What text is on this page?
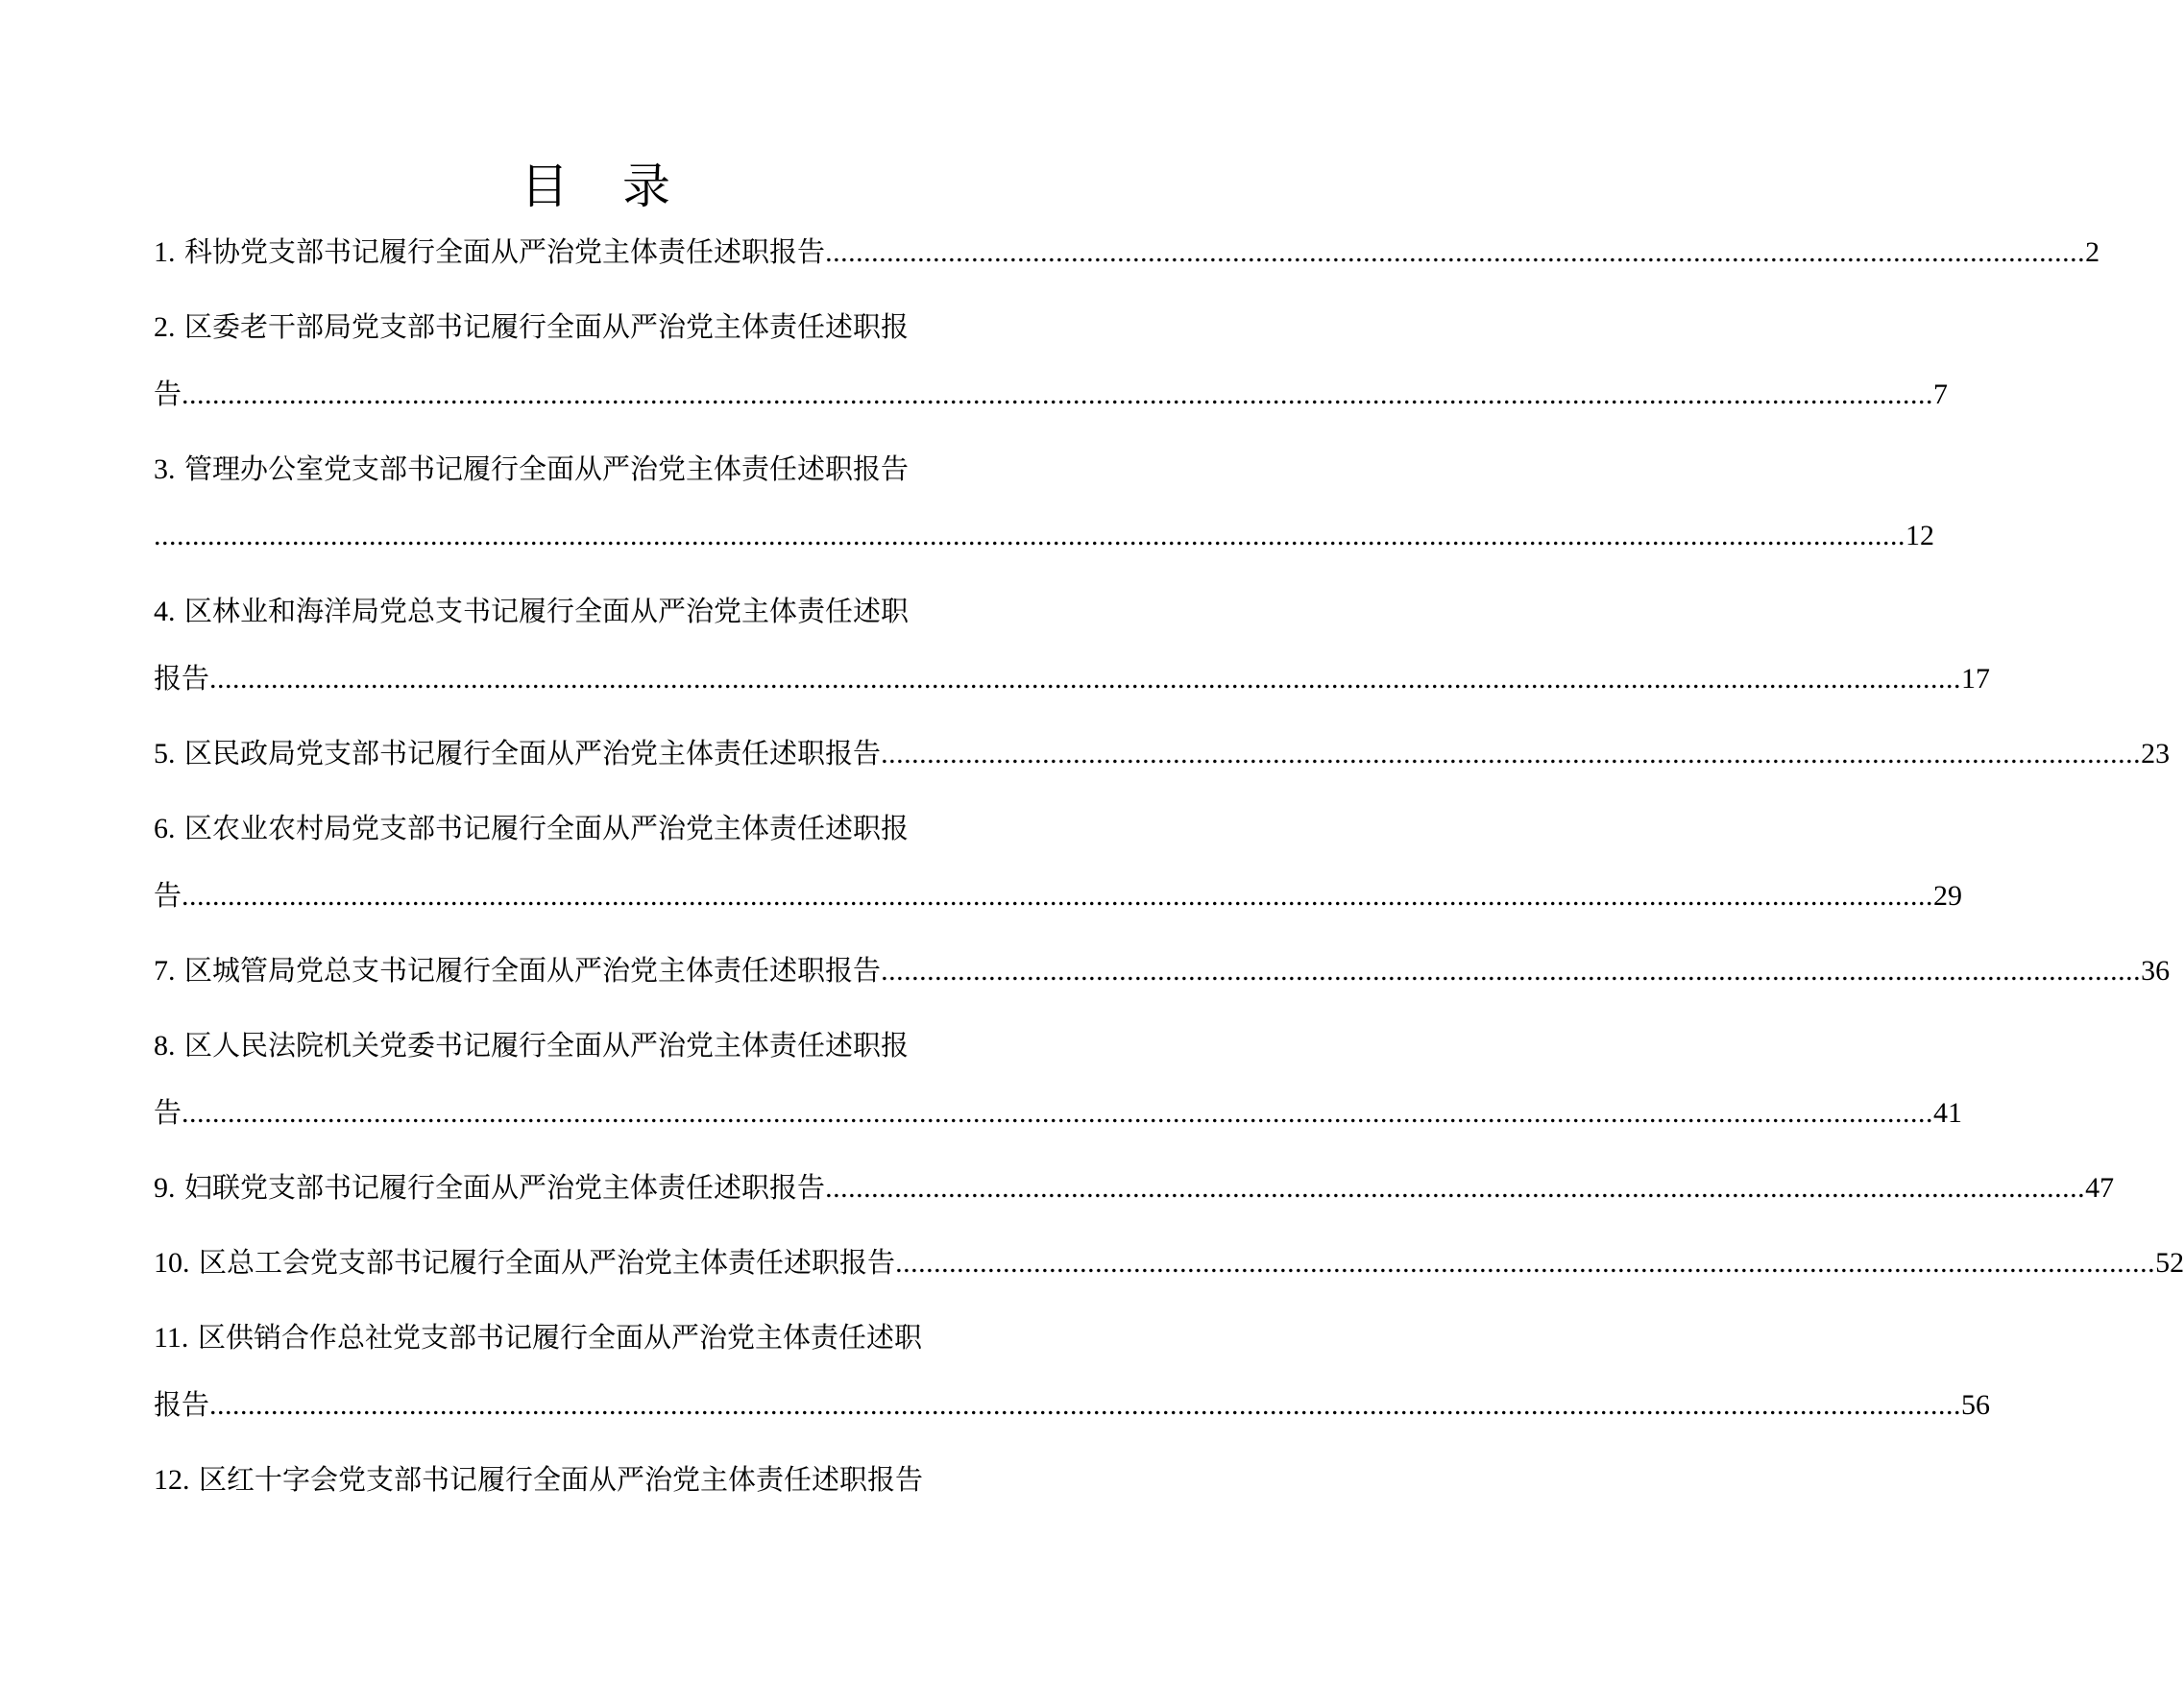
目 录
1. 科协党支部书记履行全面从严治党主体责任述职报告 .................................................................................................................................................................... 2
2. 区委老干部局党支部书记履行全面从严治党主体责任述职报
告 .................................................................................................................................................................................................................................... 7
3. 管理办公室党支部书记履行全面从严治党主体责任述职报告
.................................................................................................................................................................................................................................... 12
4. 区林业和海洋局党总支书记履行全面从严治党主体责任述职
报告 .................................................................................................................................................................................................................................... 17
5. 区民政局党支部书记履行全面从严治党主体责任述职报告 .................................................................................................................................................................... 23
6. 区农业农村局党支部书记履行全面从严治党主体责任述职报
告 .................................................................................................................................................................................................................................... 29
7. 区城管局党总支书记履行全面从严治党主体责任述职报告 .................................................................................................................................................................... 36
8. 区人民法院机关党委书记履行全面从严治党主体责任述职报
告 .................................................................................................................................................................................................................................... 41
9. 妇联党支部书记履行全面从严治党主体责任述职报告 .................................................................................................................................................................... 47
10. 区总工会党支部书记履行全面从严治党主体责任述职报告 .................................................................................................................................................................... 52
11. 区供销合作总社党支部书记履行全面从严治党主体责任述职
报告 .................................................................................................................................................................................................................................... 56
12. 区红十字会党支部书记履行全面从严治党主体责任述职报告
